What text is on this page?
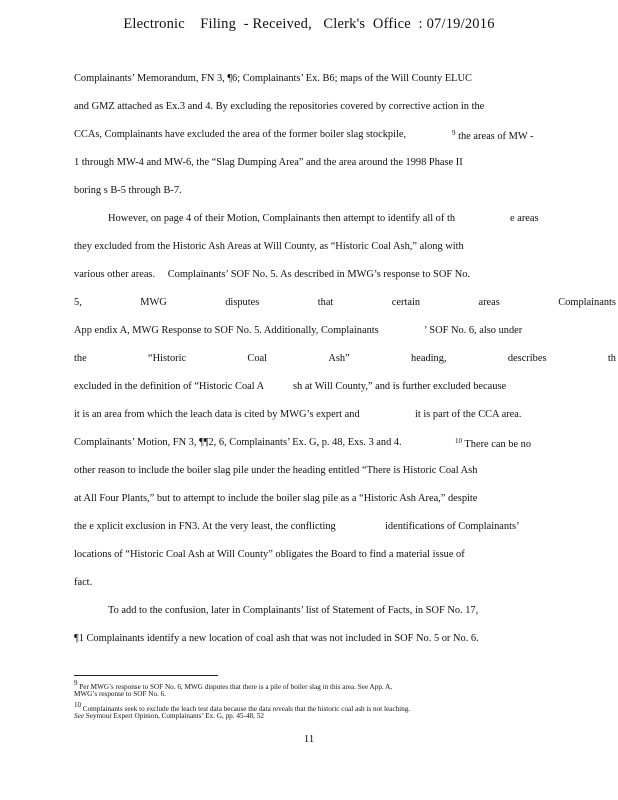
Electronic    Filing  - Received,   Clerk's  Office  : 07/19/2016
Complainants’ Memorandum, FN 3, ¶6; Complainants’ Ex. B6; maps of the Will County ELUC
and GMZ attached as Ex.3 and 4. By excluding the repositories covered by corrective action in the
CCAs, Complainants have excluded the area of the former boiler slag stockpile,	$^9$ the areas of MW -
1 through MW-4 and MW-6, the “Slag Dumping Area” and the area around the 1998 Phase II
boring s B-5 through B-7.
However, on page 4 of their Motion, Complainants then attempt to identify all of th	e areas
they excluded from the Historic Ash Areas at Will County, as “Historic Coal Ash,” along with
various other areas. Complainants’ SOF No. 5. As described in MWG’s response to SOF No.
5,	MWG	disputes	that	certain	areas	Complainants
App endix A, MWG Response to SOF No. 5. Additionally, Complainants	’ SOF No. 6, also under
the	“Historic	Coal	Ash”	heading,	describes	th
excluded in the definition of “Historic Coal A	sh at Will County,” and is further excluded because
it is an area from which the leach data is cited by MWG’s expert and	it is part of the CCA area.
Complainants’ Motion, FN 3, ¶¶2, 6, Complainants’ Ex. G, p. 48, Exs. 3 and 4.	$^{10}$ There can be no
other reason to include the boiler slag pile under the heading entitled “There is Historic Coal Ash
at All Four Plants,” but to attempt to include the boiler slag pile as a “Historic Ash Area,” despite
the e xplicit exclusion in FN3. At the very least, the conflicting	identifications of Complainants’
locations of “Historic Coal Ash at Will County” obligates the Board to find a material issue of
fact.
To add to the confusion, later in Complainants’ list of Statement of Facts, in SOF No. 17,
¶1 Complainants identify a new location of coal ash that was not included in SOF No. 5 or No. 6.
9 Per MWG’s response to SOF No. 6, MWG disputes that there is a pile of boiler slag in this area. See App. A,
MWG’s response to SOF No. 6.
10 Complainants seek to exclude the leach test data because the data reveals that the historic coal ash is not leaching.
See Seymour Expert Opinion, Complainants’ Ex. G, pp. 45-48, 52
11
